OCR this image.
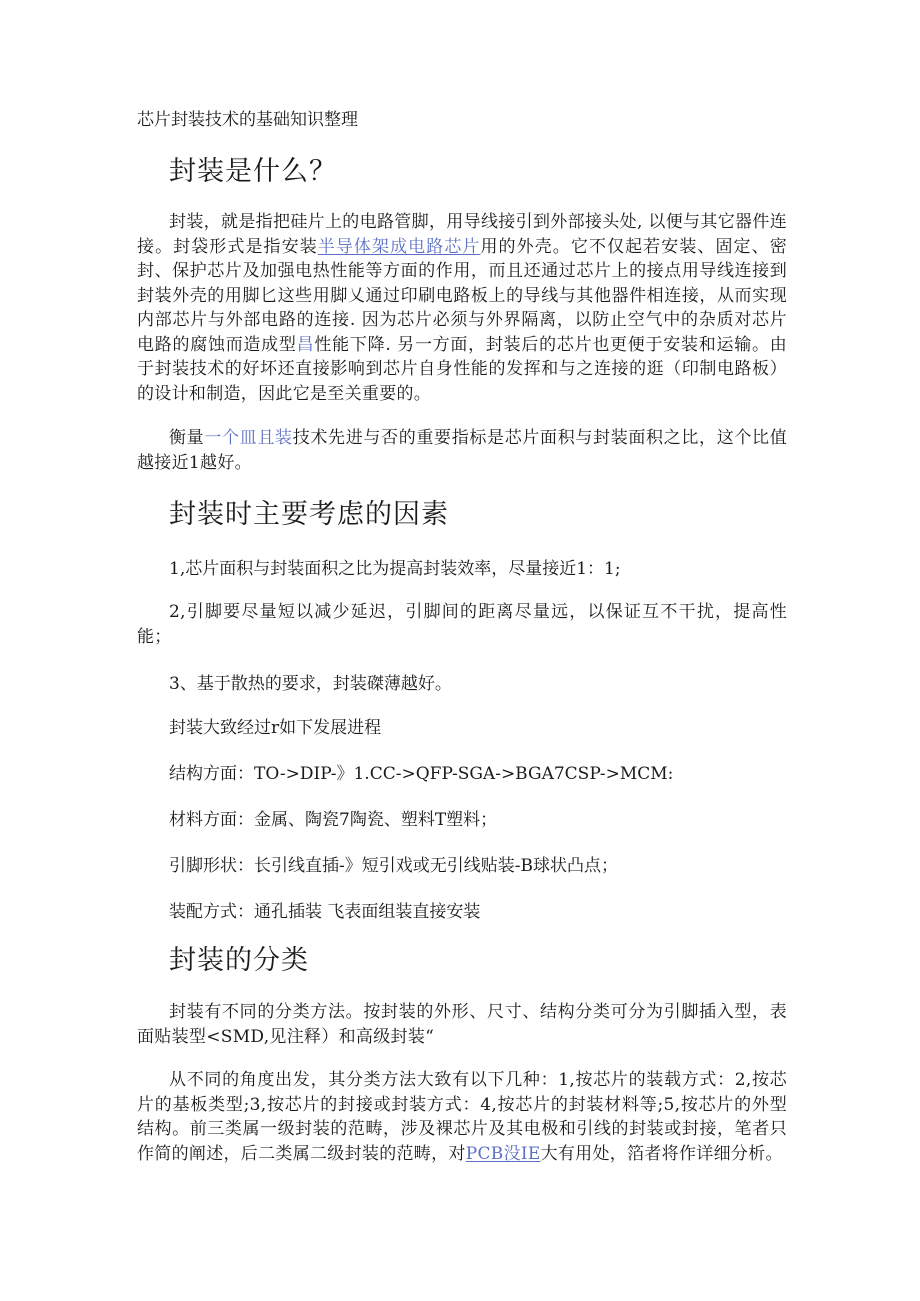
芯片封装技术的基础知识整理
封装是什么？

封装，就是指把硅片上的电路管脚，用导线接引到外部接头处, 以便与其它器件连接。封袋形式是指安装半导体架成电路芯片用的外壳。它不仅起若安装、固定、密封、保护芯片及加强电热性能等方面的作用，而且还通过芯片上的接点用导线连接到封装外壳的用脚匕这些用脚乂通过印刷电路板上的导线与其他器件相连接，从而实现内部芯片与外部电路的连接. 因为芯片必须与外界隔离，以防止空气中的杂质对芯片电路的腐蚀而造成型昌性能下降. 另一方面，封装后的芯片也更便于安装和运输。由于封装技术的好坏还直接影响到芯片自身性能的发挥和与之连接的逛（印制电路板）的设计和制造，因此它是至关重要的。

衡量一个皿且装技术先进与否的重要指标是芯片面积与封装面积之比，这个比值越接近1越好。

封装时主要考虑的因素
1,芯片面积与封装面积之比为提高封装效率，尽量接近1：1;

2,引脚要尽量短以减少延迟，引脚间的距离尽量远，以保证互不干扰，提高性能；

3、基于散热的要求，封装磔薄越好。
封装大致经过r如下发展进程
结构方面：TO->DIP-》1.CC->QFP-SGA->BGA7CSP->MCM:
材料方面：金属、陶瓷7陶瓷、塑料T塑料；
引脚形状：长引线直插-》短引戏或无引线贴装-B球状凸点；
装配方式：通孔插装 飞表面组装直接安装
封装的分类

封装有不同的分类方法。按封装的外形、尺寸、结构分类可分为引脚插入型，表面贴装型<SMD,见注释）和高级封装“

从不同的角度出发，其分类方法大致有以下几种：1,按芯片的装载方式：2,按芯片的基板类型;3,按芯片的封接或封装方式：4,按芯片的封装材料等;5,按芯片的外型结构。前三类属一级封装的范畴，涉及裸芯片及其电极和引线的封装或封接，笔者只作简的阐述，后二类属二级封装的范畴，对PCB没IE大有用处，箔者将作详细分析。
